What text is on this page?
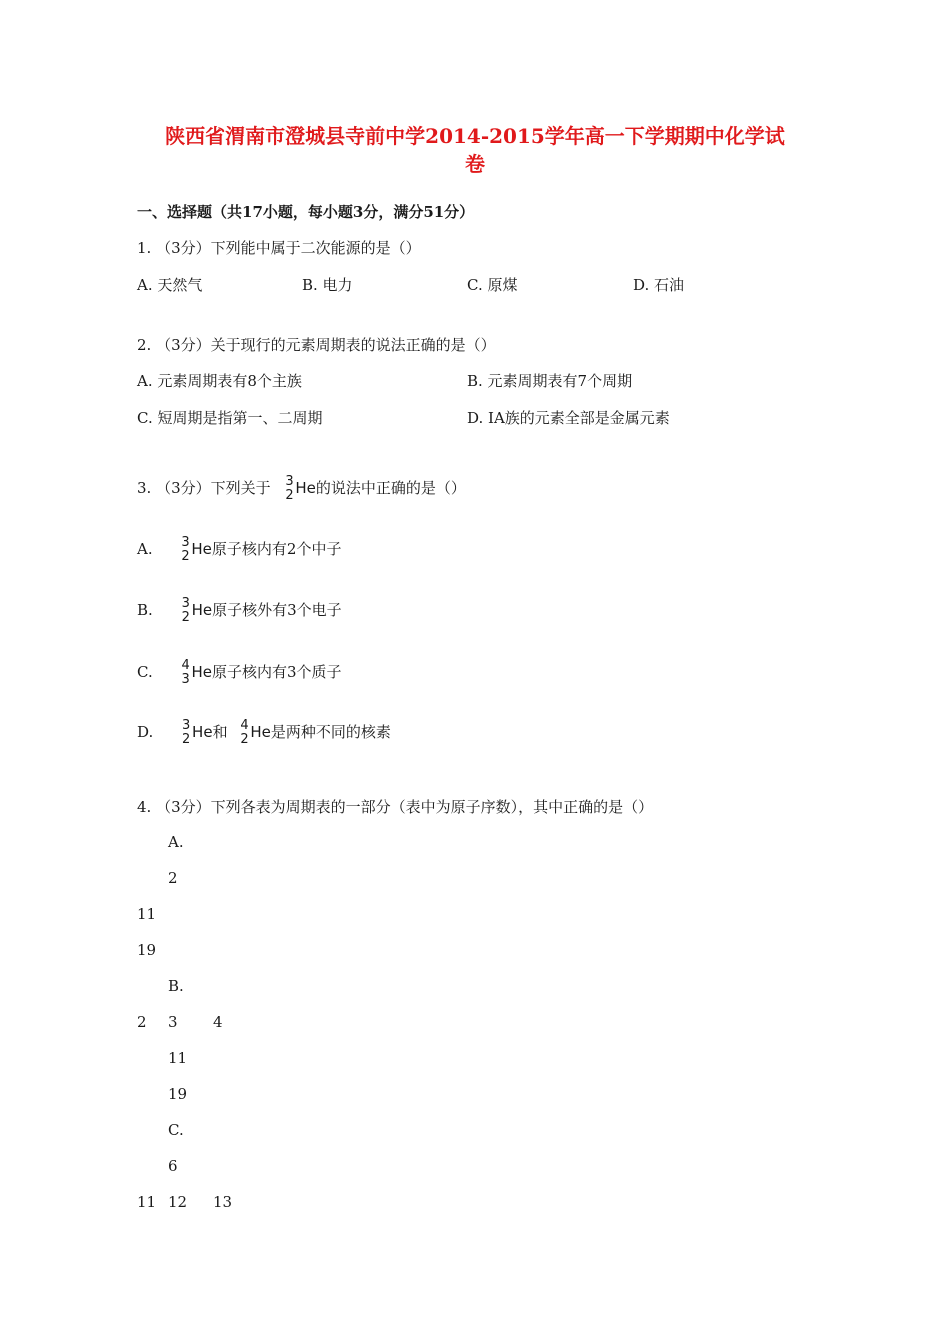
陕西省渭南市澄城县寺前中学2014-2015学年高一下学期期中化学试
卷
一、选择题（共17小题，每小题3分，满分51分）
1. （3分）下列能中属于二次能源的是（）
A. 天然气	B. 电力	C. 原煤	D. 石油
2. （3分）关于现行的元素周期表的说法正确的是（）
A. 元素周期表有8个主族	B. 元素周期表有7个周期
C. 短周期是指第一、二周期	D. IA族的元素全部是金属元素
3. （3分）下列关于 3
2 He的说法中正确的是（）
A. 3
2 He原子核内有2个中子
B. 3
2 He原子核外有3个电子
C. 4
3 He原子核内有3个质子
D. 3
2 He和 4
2 He是两种不同的核素
4. （3分）下列各表为周期表的一部分（表中为原子序数），其中正确的是（）
A.
2
11
19
B.
2 3 4
11
19
C.
6
11 12 13
